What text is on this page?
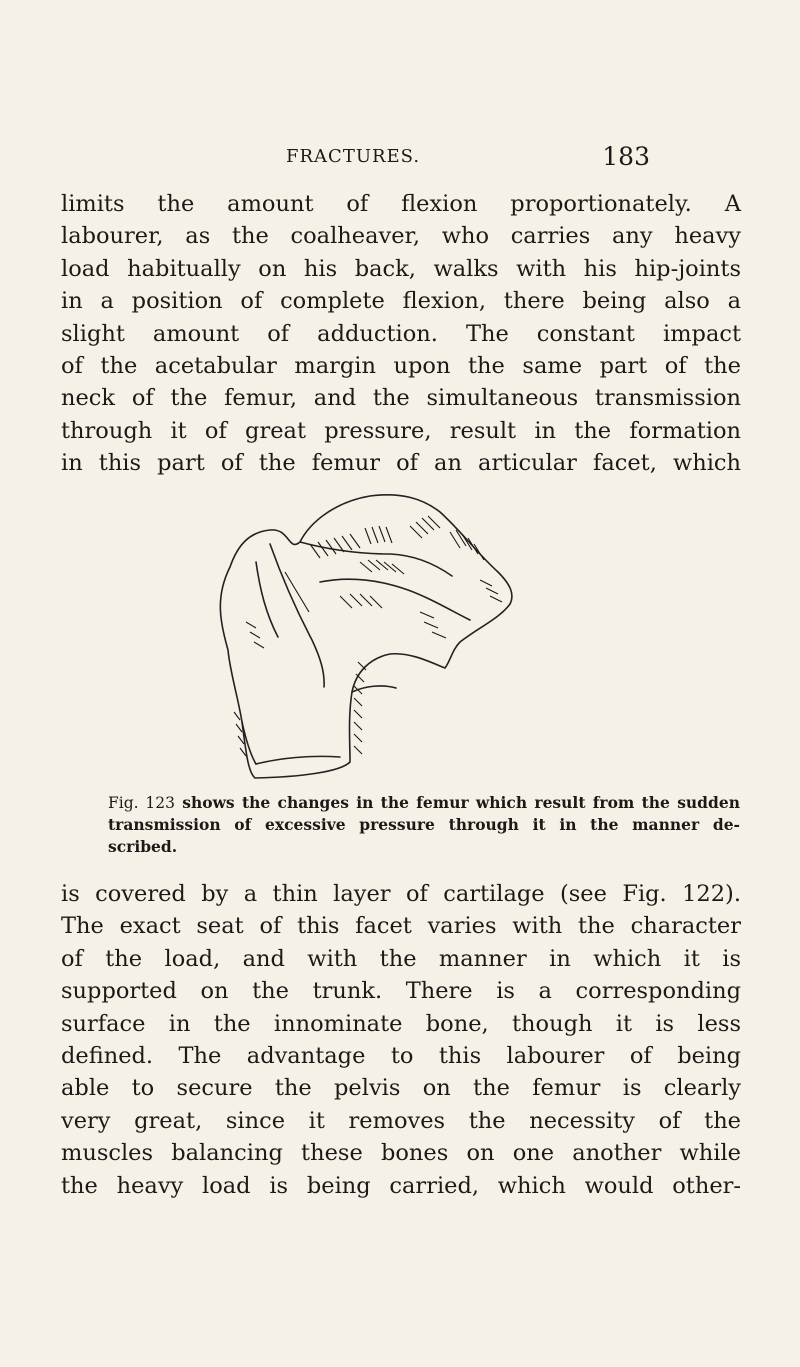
FRACTURES.	183
limits the amount of flexion proportionately. A
labourer, as the coalheaver, who carries any heavy
load habitually on his back, walks with his hip-joints
in a position of complete flexion, there being also a
slight amount of adduction. The constant impact
of the acetabular margin upon the same part of the
neck of the femur, and the simultaneous transmission
through it of great pressure, result in the formation
in this part of the femur of an articular facet, which
Fig. 123 shows the changes in the femur which result from the sudden
transmission of excessive pressure through it in the manner de-
scribed.
is covered by a thin layer of cartilage (see Fig. 122).
The exact seat of this facet varies with the character
of the load, and with the manner in which it is
supported on the trunk. There is a corresponding
surface in the innominate bone, though it is less
defined. The advantage to this labourer of being
able to secure the pelvis on the femur is clearly
very great, since it removes the necessity of the
muscles balancing these bones on one another while
the heavy load is being carried, which would other-
